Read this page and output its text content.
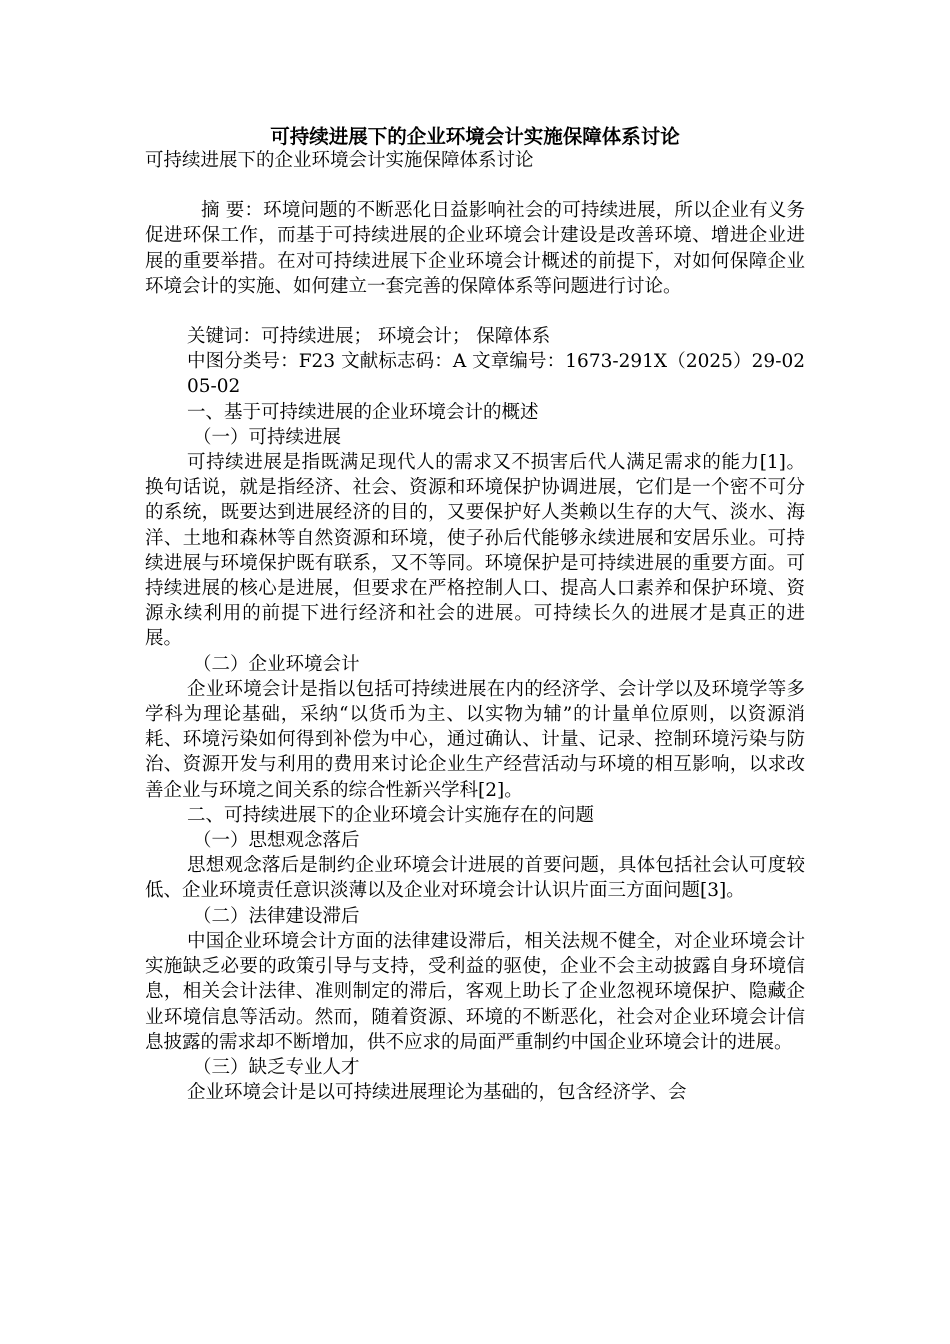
可持续进展下的企业环境会计实施保障体系讨论

可持续进展下的企业环境会计实施保障体系讨论

摘 要：环境问题的不断恶化日益影响社会的可持续进展，所以企业有义务促进环保工作，而基于可持续进展的企业环境会计建设是改善环境、增进企业进展的重要举措。在对可持续进展下企业环境会计概述的前提下，对如何保障企业环境会计的实施、如何建立一套完善的保障体系等问题进行讨论。

关键词：可持续进展； 环境会计； 保障体系

中图分类号：F23 文献标志码：A 文章编号：1673-291X（2025）29-0205-02

一、基于可持续进展的企业环境会计的概述

（一）可持续进展

可持续进展是指既满足现代人的需求又不损害后代人满足需求的能力[1]。换句话说，就是指经济、社会、资源和环境保护协调进展，它们是一个密不可分的系统，既要达到进展经济的目的，又要保护好人类赖以生存的大气、淡水、海洋、土地和森林等自然资源和环境，使子孙后代能够永续进展和安居乐业。可持续进展与环境保护既有联系，又不等同。环境保护是可持续进展的重要方面。可持续进展的核心是进展，但要求在严格控制人口、提高人口素养和保护环境、资源永续利用的前提下进行经济和社会的进展。可持续长久的进展才是真正的进展。

（二）企业环境会计

企业环境会计是指以包括可持续进展在内的经济学、会计学以及环境学等多学科为理论基础，采纳“以货币为主、以实物为辅”的计量单位原则，以资源消耗、环境污染如何得到补偿为中心，通过确认、计量、记录、控制环境污染与防治、资源开发与利用的费用来讨论企业生产经营活动与环境的相互影响，以求改善企业与环境之间关系的综合性新兴学科[2]。

二、可持续进展下的企业环境会计实施存在的问题

（一）思想观念落后

思想观念落后是制约企业环境会计进展的首要问题，具体包括社会认可度较低、企业环境责任意识淡薄以及企业对环境会计认识片面三方面问题[3]。

（二）法律建设滞后

中国企业环境会计方面的法律建设滞后，相关法规不健全，对企业环境会计实施缺乏必要的政策引导与支持，受利益的驱使，企业不会主动披露自身环境信息，相关会计法律、准则制定的滞后，客观上助长了企业忽视环境保护、隐藏企业环境信息等活动。然而，随着资源、环境的不断恶化，社会对企业环境会计信息披露的需求却不断增加，供不应求的局面严重制约中国企业环境会计的进展。

（三）缺乏专业人才

企业环境会计是以可持续进展理论为基础的，包含经济学、会
